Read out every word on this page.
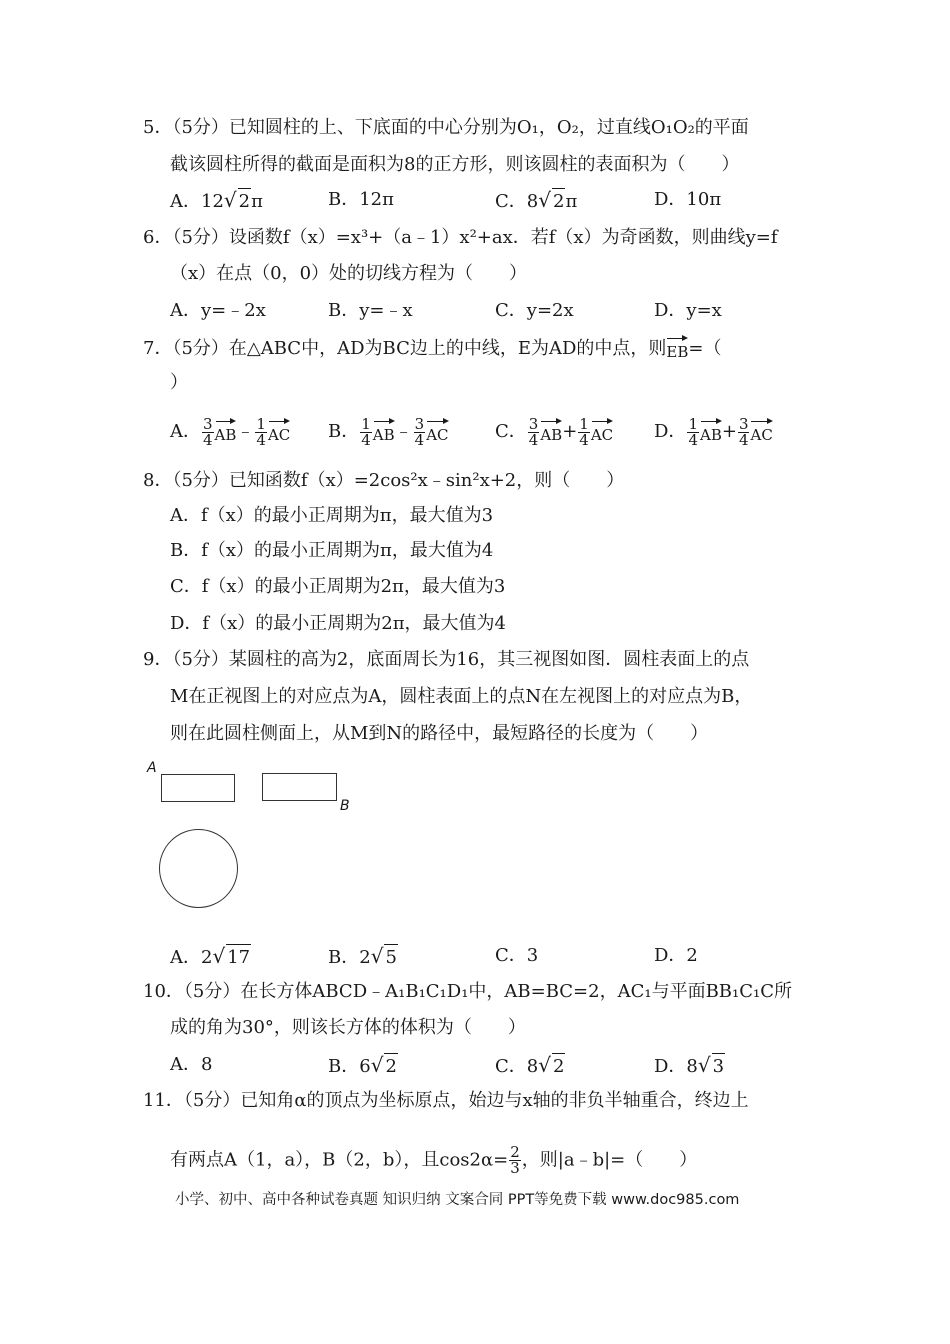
5．（5分）已知圆柱的上、下底面的中心分别为O₁，O₂，过直线O₁O₂的平面
截该圆柱所得的截面是面积为8的正方形，则该圆柱的表面积为（　　）
A．12√ 2π	B．12π	C．8√ 2π	D．10π
6．（5分）设函数f（x）=x³+（a﹣1）x²+ax．若f（x）为奇函数，则曲线y=f
（x）在点（0，0）处的切线方程为（　　）
A．y=﹣2x	B．y=﹣x	C．y=2x	D．y=x
7．（5分）在△ABC中，AD为BC边上的中线，E为AD的中点，则EB=（
）
A． $\frac{3}{4}$ AB﹣ $\frac{1}{4}$ AC B． $\frac{1}{4}$ AB﹣ $\frac{3}{4}$ AC	C． $\frac{3}{4} AB+ \frac{1}{4}$ AC D． $\frac{1}{4} AB+ \frac{3}{4}$ AC
8．（5分）已知函数f（x）=2cos²x﹣sin²x+2，则（　　）
A．f（x）的最小正周期为π，最大值为3
B．f（x）的最小正周期为π，最大值为4
C．f（x）的最小正周期为2π，最大值为3
D．f（x）的最小正周期为2π，最大值为4
9．（5分）某圆柱的高为2，底面周长为16，其三视图如图．圆柱表面上的点
M在正视图上的对应点为A，圆柱表面上的点N在左视图上的对应点为B，
则在此圆柱侧面上，从M到N的路径中，最短路径的长度为（　　）
A
B
A．2√ 17	B．2√ 5	C．3	D．2
10．（5分）在长方体ABCD﹣A₁B₁C₁D₁中，AB=BC=2，AC₁与平面BB₁C₁C所
成的角为30°，则该长方体的体积为（　　）
A．8	B．6√ 2	C．8√ 2	D．8√ 3
11．（5分）已知角α的顶点为坐标原点，始边与x轴的非负半轴重合，终边上
有两点A（1，a），B（2，b），且$\cos 2\alpha= \frac{2}{3}$ ，则|a﹣b|=（　　）
小学、初中、高中各种试卷真题 知识归纳 文案合同 PPT等免费下载 www.doc985.com
